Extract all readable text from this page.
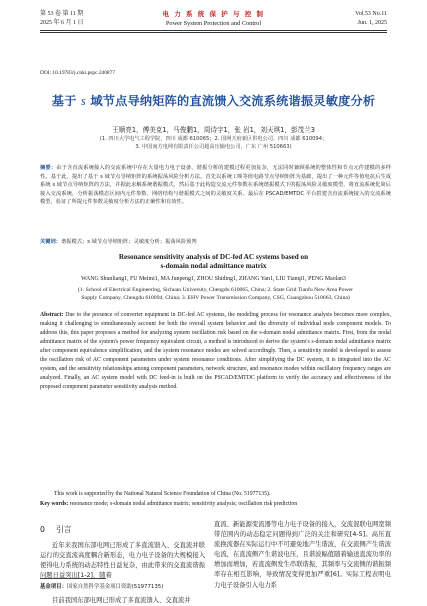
第 53 卷 第 11 期
2025 年 6 月 1 日
电 力 系 统 保 护 与 控 制
Power System Protection and Control
Vol.53 No.11
Jun. 1, 2025
DOI: 10.19783/j.cnki.pspc.240877
基于 s 域节点导纳矩阵的直流馈入交流系统谐振灵敏度分析
王顺亮1，傅美克1，马俊鹏1，周诗宇1，张 岩1，刘天琪1，彭茂兰3
(1. 四川大学电气工程学院，四川 成都 610065；2. 国网天府新区供电公司，四川 成都 610094；
3. 中国南方电网有限责任公司超高压输电公司，广东 广州 510663)
摘要：由于含直流系统接入的交流系统中存在大量电力电子设备，谐振分析的建模过程更加复杂，无法同时兼顾系统的整体性和节点元件建模的多样性。基于此，提出了基于 s 域节点导纳矩阵的系统振荡风险分析方法。首先以系统工频等值电路节点导纳矩阵为基础，提出了一种元件等值电抗后生成系统 s 域节点导纳矩阵的方法，并据此求解系统谐振模式，然后基于此构造交流元件参数在系统谐振模式下的振荡风险灵敏度模型，将直流系统化简后接入交流系统，分析振荡模态区间内元件参数、网络结构与谐振模式之间的灵敏度关系。最后在 PSCAD/EMTDC 平台搭建含直流系统接入的交流系统模型，验证了所提元件参数灵敏度分析方法的正确性和有效性。
关键词：谐振模式；s 域节点导纳矩阵；灵敏度分析；振荡风险预判
Resonance sensitivity analysis of DC-fed AC systems based on
s-domain nodal admittance matrix
WANG Shunliang1, FU Meimi1, MA Junpeng1, ZHOU Shiding1, ZHANG Yan1, LIU Tianqi1, PENG Maolan3
(1. School of Electrical Engineering, Sichuan University, Chengdu 610065, China; 2. State Grid Tianfu New Area Power
Supply Company, Chengdu 610094, China; 3. EHV Power Transmission Company, CSG, Guangzhou 510663, China)
Abstract: Due to the presence of converter equipment in DC-fed AC systems, the modeling process for resonance analysis becomes more complex, making it challenging to simultaneously account for both the overall system behavior and the diversity of individual node component models. To address this, this paper proposes a method for analyzing system oscillation risk based on the s-domain nodal admittance matrix. First, from the nodal admittance matrix of the system's power frequency equivalent circuit, a method is introduced to derive the system's s-domain nodal admittance matrix after component equivalence simplification, and the system resonance modes are solved accordingly. Then, a sensitivity model is developed to assess the oscillation risk of AC component parameters under system resonance conditions. After simplifying the DC system, it is integrated into the AC system, and the sensitivity relationships among component parameters, network structure, and resonance modes within oscillatory frequency ranges are analyzed. Finally, an AC system model with DC feed-in is built on the PSCAD/EMTDC platform to verify the accuracy and effectiveness of the proposed component parameter sensitivity analysis method.
This work is supported by the National Natural Science Foundation of China (No. 51977135).
Key words: resonance mode; s-domain nodal admittance matrix; sensitivity analysis; oscillation risk prediction
0 引言
近年来我国东部电网已形成了多直流馈入、交直流并联运行的交直流高度耦合新形态，电力电子设备的大规模接入使得电力系统的动态特性日益复杂，由此带来的交直流谐振问题日益突出[1-2]，随着
直流、新能源变流器等电力电子设备的接入，交流混联电网宽频带范围内的动态稳定问题得到广泛的关注和研究[4-5]。高压直流换流器在实际运行中不可避免地产生谐波，在交流侧产生谐波电流，在直流侧产生谐波电压，且谐波幅值随着输送直流功率的增加而增加，若直流侧发生串联谐振，其频率与交流侧的谐振频率存在相互影响，导致情况变得更加严重[6]。实际工程表明电力电子设备引入电力系
基金项目：国家自然科学基金项目资助(51977135)
目前我国东部电网已形成了多直流馈入、交直流并
